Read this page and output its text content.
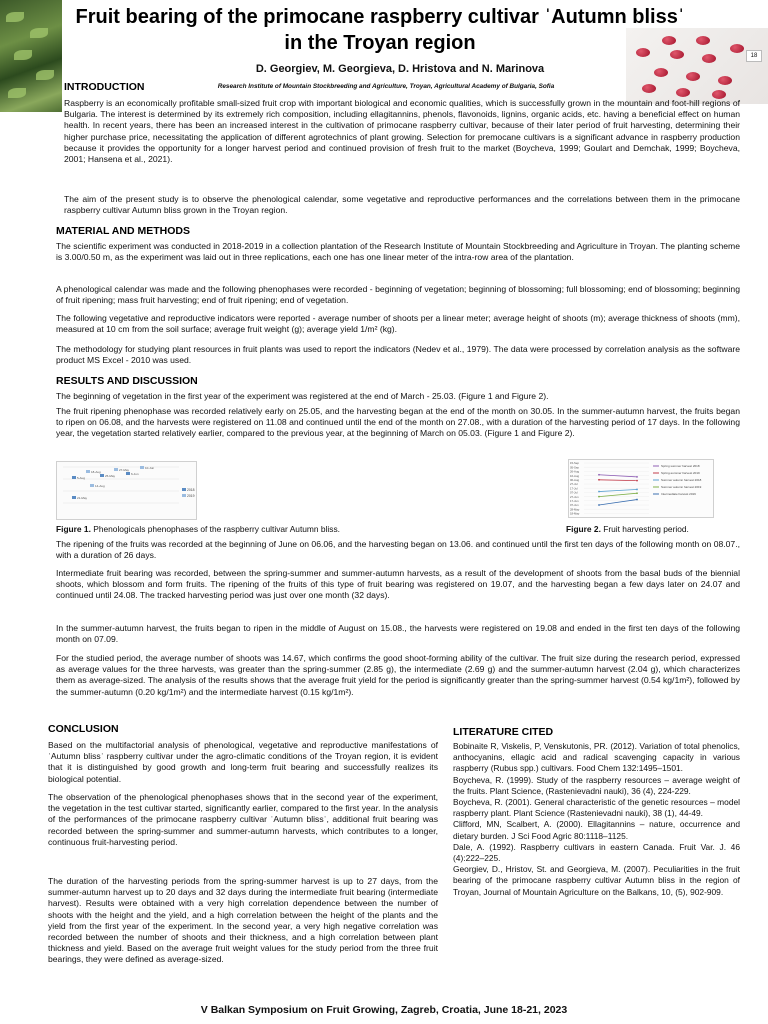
18
Fruit bearing of the primocane raspberry cultivar ˈAutumn blissˈ in the Troyan region
D. Georgiev, M. Georgieva, D. Hristova and N. Marinova
Research Institute of Mountain Stockbreeding and Agriculture, Troyan, Agricultural Academy of Bulgaria, Sofia
INTRODUCTION
Raspberry is an economically profitable small-sized fruit crop with important biological and economic qualities, which is successfully grown in the mountain and foot-hill regions of Bulgaria. The interest is determined by its extremely rich composition, including ellagitannins, phenols, flavonoids, lignins, organic acids, etc. having a beneficial effect on human health. In recent years, there has been an increased interest in the cultivation of primocane raspberry cultivar, because of their later period of fruit harvesting, determining their higher purchase price, necessitating the application of different agrotechnics of plant growing. Selection for premocane cultivars is a significant advance in raspberry production because it provides the opportunity for a longer harvest period and continued provision of fresh fruit to the market (Boycheva, 1999; Goulart and Demchak, 1999; Boycheva, 2001; Hansena et al., 2021).
The aim of the present study is to observe the phenological calendar, some vegetative and reproductive performances and the correlations between them in the primocane raspberry cultivar Autumn bliss grown in the Troyan region.
MATERIAL AND METHODS
The scientific experiment was conducted in 2018-2019 in a collection plantation of the Research Institute of Mountain Stockbreeding and Agriculture in Troyan. The planting scheme is 3.00/0.50 m, as the experiment was laid out in three replications, each one has one linear meter of the intra-row area of the plantation.
A phenological calendar was made and the following phenophases were recorded - beginning of vegetation; beginning of blossoming; full blossoming; end of blossoming; beginning of fruit ripening; mass fruit harvesting; end of fruit ripening; end of vegetation.
The following vegetative and reproductive indicators were reported - average number of shoots per a linear meter; average height of shoots (m); average thickness of shoots (mm), measured at 10 cm from the soil surface; average fruit weight (g); average yield 1/m² (kg).
The methodology for studying plant resources in fruit plants was used to report the indicators (Nedev et al., 1979). The data were processed by correlation analysis as the software product MS Excel - 2010 was used.
RESULTS AND DISCUSSION
The beginning of vegetation in the first year of the experiment was registered at the end of March - 25.03. (Figure 1 and Figure 2).
The fruit ripening phenophase was recorded relatively early on 25.05, and the harvesting began at the end of the month on 30.05. In the summer-autumn harvest, the fruits began to ripen on 06.08, and the harvests were registered on 11.08 and continued until the end of the month on 27.08., with a duration of the harvesting period of 17 days. In the following year, the vegetation started relatively earlier, compared to the previous year, at the beginning of March on 05.03. (Figure 1 and Figure 2).
5-Aug
18-Aug
25-May
27-May
6-Jun
10-Jun
21-May
14-Aug
2018
2019
15-Sep
05-Sep
26-Aug
16-Aug
06-Aug
27-Jul
17-Jul
07-Jul
27-Jun
17-Jun
07-Jun
28-May
18-May
Spring summer harvest 2018
Spring-summer harvest 2019
Summer autumn harvest 2018
Summer autumn harvest 2019
Intermediate harvest 2019
Figure 1. Phenologicals phenophases of the raspberry cultivar Autumn bliss.	Figure 2. Fruit harvesting period.
The ripening of the fruits was recorded at the beginning of June on 06.06, and the harvesting began on 13.06. and continued until the first ten days of the following month on 08.07., with a duration of 26 days.
Intermediate fruit bearing was recorded, between the spring-summer and summer-autumn harvests, as a result of the development of shoots from the basal buds of the biennial shoots, which blossom and form fruits. The ripening of the fruits of this type of fruit bearing was registered on 19.07, and the harvesting began a few days later on 24.07 and continued until 24.08. The tracked harvesting period was just over one month (32 days).
In the summer-autumn harvest, the fruits began to ripen in the middle of August on 15.08., the harvests were registered on 19.08 and ended in the first ten days of the following month on 07.09.
For the studied period, the average number of shoots was 14.67, which confirms the good shoot-forming ability of the cultivar. The fruit size during the research period, expressed as average values for the three harvests, was greater than the spring-summer (2.85 g), the intermediate (2.69 g) and the summer-autumn harvest (2.04 g), which characterizes them as average-sized. The analysis of the results shows that the average fruit yield for the period is significantly greater than the spring-summer harvest (0.54 kg/1m²), followed by the summer-autumn (0.20 kg/1m²) and the intermediate harvest (0.15 kg/1m²).
CONCLUSION
Based on the multifactorial analysis of phenological, vegetative and reproductive manifestations of ˈAutumn blissˈ raspberry cultivar under the agro-climatic conditions of the Troyan region, it is evident that it is distinguished by good growth and long-term fruit bearing and successfully realizes its biological potential.
The observation of the phenological phenophases shows that in the second year of the experiment, the vegetation in the test cultivar started, significantly earlier, compared to the first year. In the analysis of the performances of the primocane raspberry cultivar ˈAutumn blissˈ, additional fruit bearing was recorded between the spring-summer and summer-autumn harvests, which contributes to a longer, continuous fruit-harvesting period.
The duration of the harvesting periods from the spring-summer harvest is up to 27 days, from the summer-autumn harvest up to 20 days and 32 days during the intermediate fruit bearing (intermediate harvest). Results were obtained with a very high correlation dependence between the number of shoots with the height and the yield, and a high correlation between the height of the plants and the yield from the first year of the experiment. In the second year, a very high negative correlation was recorded between the number of shoots and their thickness, and a high correlation between plant thickness and yield. Based on the average fruit weight values for the study period from the three fruit bearings, they were defined as average-sized.
LITERATURE CITED

Bobinaite R, Viskelis, P, Venskutonis, PR. (2012). Variation of total phenolics, anthocyanins, ellagic acid and radical scavenging capacity in various raspberry (Rubus spp.) cultivars. Food Chem 132:1495–1501.

Boycheva, R. (1999). Study of the raspberry resources – average weight of the fruits. Plant Science, (Rastenievadni nauki), 36 (4), 224-229.

Boycheva, R. (2001). General characteristic of the genetic resources – model raspberry plant. Plant Science (Rastenievadni nauki), 38 (1), 44-49.

Clifford, MN, Scalbert, A. (2000). Ellagitannins – nature, occurrence and dietary burden. J Sci Food Agric 80:1118–1125.

Dale, A. (1992). Raspberry cultivars in eastern Canada. Fruit Var. J. 46 (4):222–225.

Georgiev, D., Hristov, St. and Georgieva, M. (2007). Peculiarities in the fruit bearing of the primocane raspberry cultivar Autumn bliss in the region of Troyan, Journal of Mountain Agriculture on the Balkans, 10, (5), 902-909.

V Balkan Symposium on Fruit Growing, Zagreb, Croatia, June 18-21, 2023
